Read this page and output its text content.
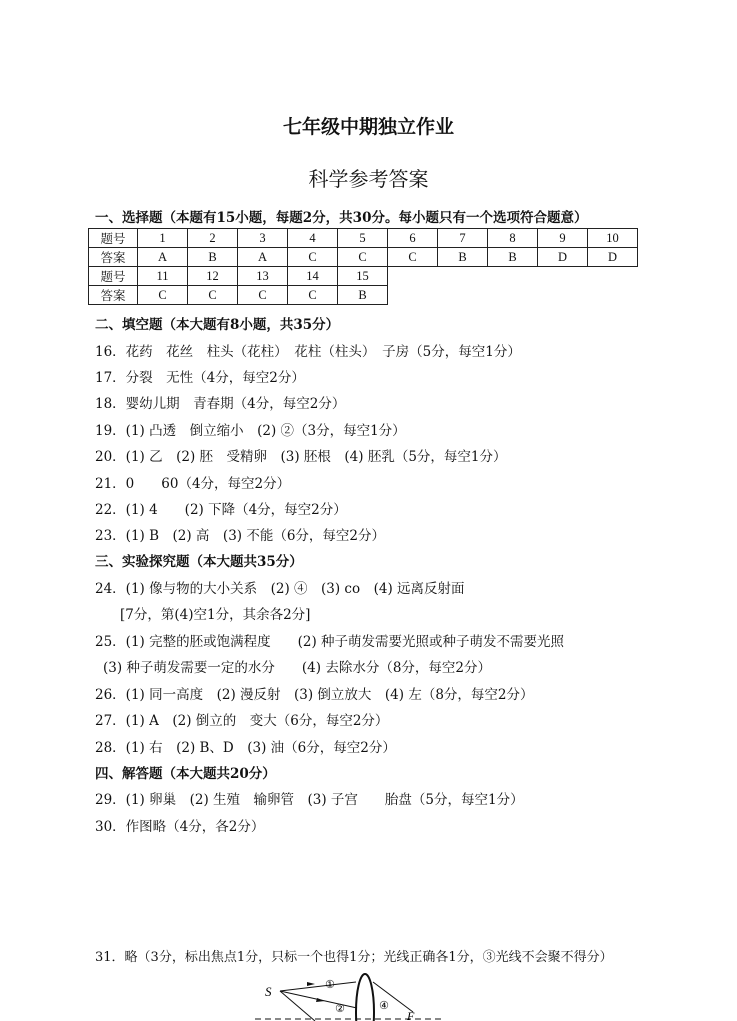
七年级中期独立作业
科学参考答案
一、选择题（本题有15小题，每题2分，共30分。每小题只有一个选项符合题意）
题号	1	2	3	4	5	6	7	8	9	10
答案	A	B	A	C	C	C	B	B	D	D
题号	11	12	13	14	15					
答案	C	C	C	C	B					
二、填空题（本大题有8小题，共35分）
16．花药　花丝　柱头（花柱）　花柱（柱头）　子房（5分，每空1分）
17．分裂　无性（4分，每空2分）
18．婴幼儿期　青春期（4分，每空2分）
19．(1) 凸透　倒立缩小　(2) ②（3分，每空1分）
20．(1) 乙　(2) 胚　受精卵　(3) 胚根　(4) 胚乳（5分，每空1分）
21．0　　60（4分，每空2分）
22．(1) 4　　(2) 下降（4分，每空2分）
23．(1) B　(2) 高　(3) 不能（6分，每空2分）
三、实验探究题（本大题共35分）
24．(1) 像与物的大小关系　(2) ④　(3) co　(4) 远离反射面
[7分，第(4)空1分，其余各2分]
25．(1) 完整的胚或饱满程度　　(2) 种子萌发需要光照或种子萌发不需要光照
(3) 种子萌发需要一定的水分　　(4) 去除水分（8分，每空2分）
26．(1) 同一高度　(2) 漫反射　(3) 倒立放大　(4) 左（8分，每空2分）
27．(1) A　(2) 倒立的　变大（6分，每空2分）
28．(1) 右　(2) B、D　(3) 油（6分，每空2分）
四、解答题（本大题共20分）
29．(1) 卵巢　(2) 生殖　输卵管　(3) 子宫　　胎盘（5分，每空1分）
30．作图略（4分，各2分）
31．略（3分，标出焦点1分，只标一个也得1分；光线正确各1分，③光线不会聚不得分）
S
F
①
②	④
